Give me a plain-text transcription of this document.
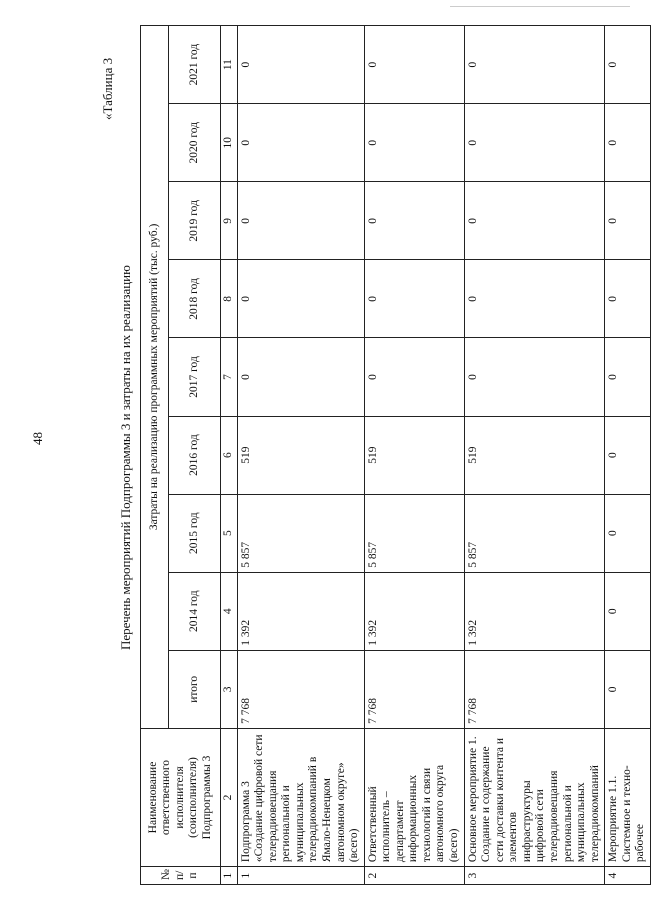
48
«Таблица 3
Перечень мероприятий Подпрограммы 3 и затраты на их реализацию
№ п/п	Наименование ответственного исполнителя (соисполнителя) Подпрограммы 3	Затраты на реализацию программных мероприятий (тыс. руб.)								
		итого	2014 год	2015 год	2016 год	2017 год	2018 год	2019 год	2020 год	2021 год
1	2	3	4	5	6	7	8	9	10	11
1	Подпрограмма 3 «Создание цифровой сети телерадиовещания региональной и муниципальных телерадиокомпаний в Ямало-Ненецком автономном округе» (всего)	7 768	1 392	5 857	519	0	0	0	0	0
2	Ответственный исполнитель – департамент информационных технологий и связи автономного округа (всего)	7 768	1 392	5 857	519	0	0	0	0	0
3	Основное мероприятие 1. Создание и содержание сети доставки контента и элементов инфраструктуры цифровой сети телерадиовещания региональной и муниципальных телерадиокомпаний	7 768	1 392	5 857	519	0	0	0	0	0
4	Мероприятие 1.1. Системное и техно-рабочее	0	0	0	0	0	0	0	0	0
